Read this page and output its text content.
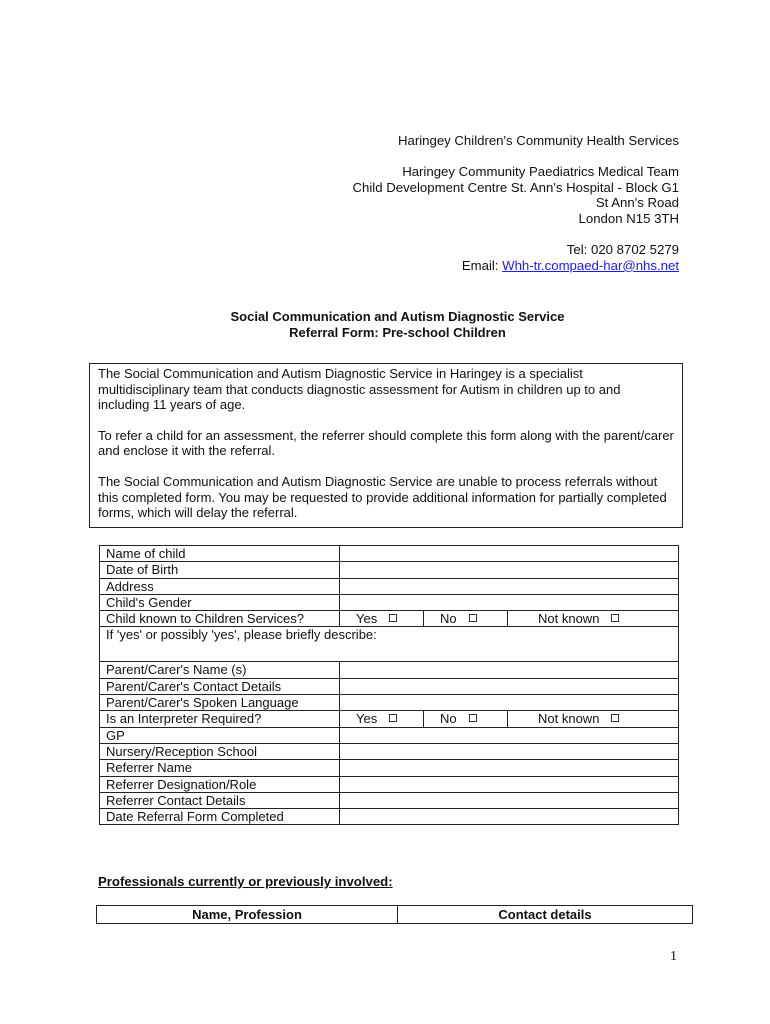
Haringey Children's Community Health Services
Haringey Community Paediatrics Medical Team
Child Development Centre St. Ann's Hospital - Block G1
St Ann's Road
London N15 3TH
Tel: 020 8702 5279
Email: Whh-tr.compaed-har@nhs.net
Social Communication and Autism Diagnostic Service
Referral Form: Pre-school Children

The Social Communication and Autism Diagnostic Service in Haringey is a specialist multidisciplinary team that conducts diagnostic assessment for Autism in children up to and including 11 years of age.

To refer a child for an assessment, the referrer should complete this form along with the parent/carer and enclose it with the referral.

The Social Communication and Autism Diagnostic Service are unable to process referrals without this completed form. You may be requested to provide additional information for partially completed forms, which will delay the referral.

Name of child			
Date of Birth			
Address			
Child's Gender			
Child known to Children Services?	Yes	No	Not known
If 'yes' or possibly 'yes', please briefly describe:			
Parent/Carer's Name (s)			
Parent/Carer's Contact Details			
Parent/Carer's Spoken Language			
Is an Interpreter Required?	Yes	No	Not known
GP			
Nursery/Reception School			
Referrer Name			
Referrer Designation/Role			
Referrer Contact Details			
Date Referral Form Completed			
Professionals currently or previously involved:
Name, Profession	Contact details
1
